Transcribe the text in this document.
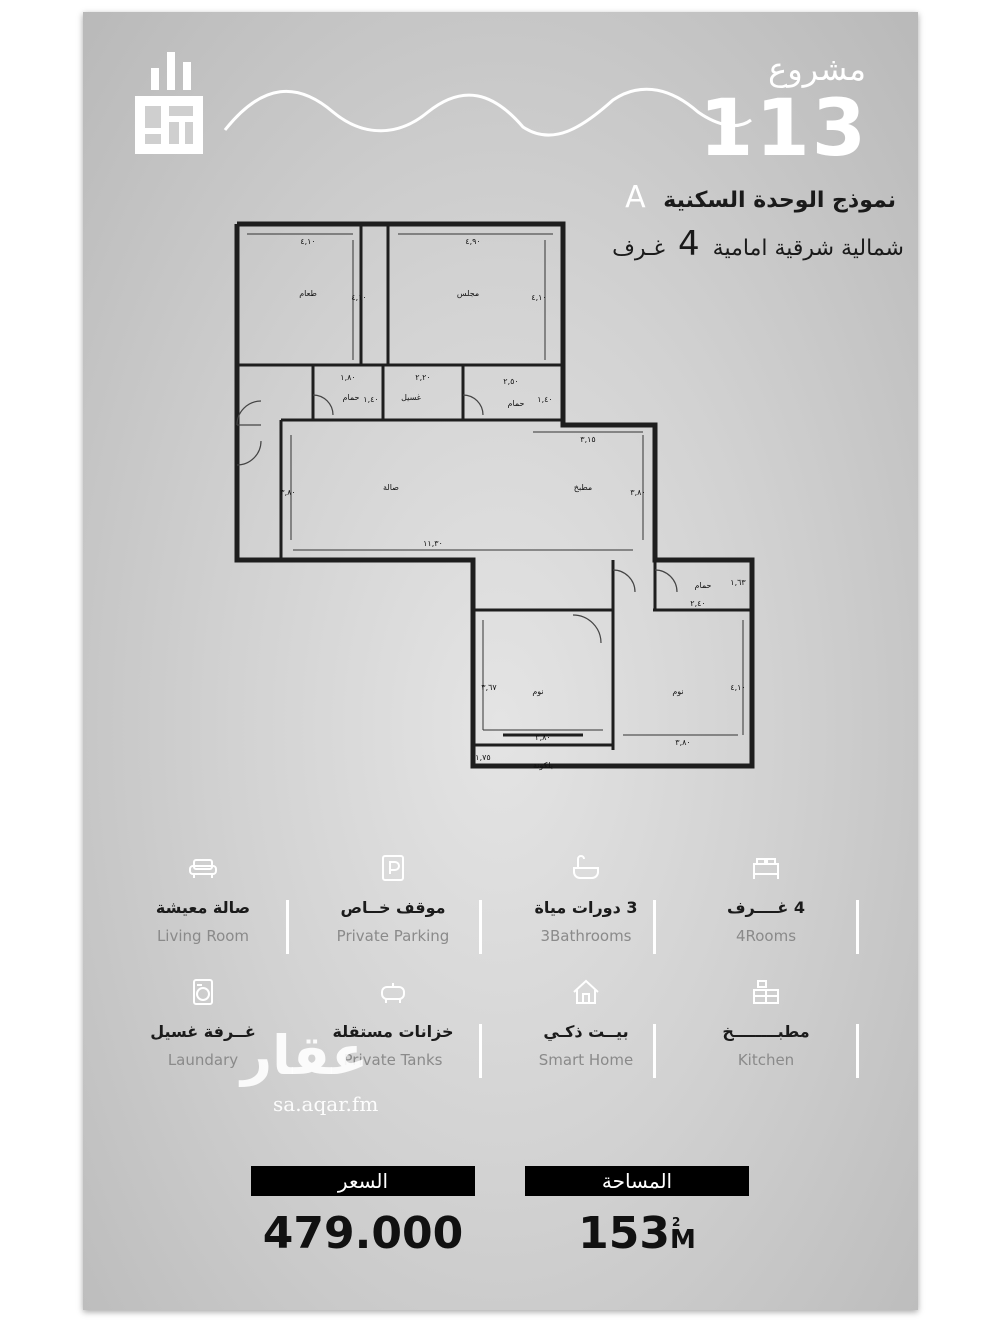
مشروع
113
نموذج الوحدة السكنية A
شمالية شرقية امامية 4 غـرف
طعام	مجلس
حمام	غسيل
حمام
صالة	مطبخ
حمام
نوم	نوم
بلكونة
٤,١٠	٤,٩٠
٤,١٠	٤,١٠
١,٨٠
١,٤٠
٢,٢٠	٢,٥٠
١,٤٠
٣,١٥
٣,٨٠	٣,٨٠
١١,٣٠
١,٦٣
٢,٤٠
٣,٦٧	٤,١٠
٣,٨٠
٣,٨٠
١,٧٥
4 غــــرف
4Rooms
3 دورات مياة
3Bathrooms
موقف خــاص
Private Parking
صالة معيشة
Living Room
مطبــــــــخ
Kitchen
بيــت ذكـي
Smart Home
خزانات مستقلة
Private Tanks
غــرفة غسيل
Laundary عقار
sa.aqar.fm
المساحة
السعر
153 2
M
479.000
